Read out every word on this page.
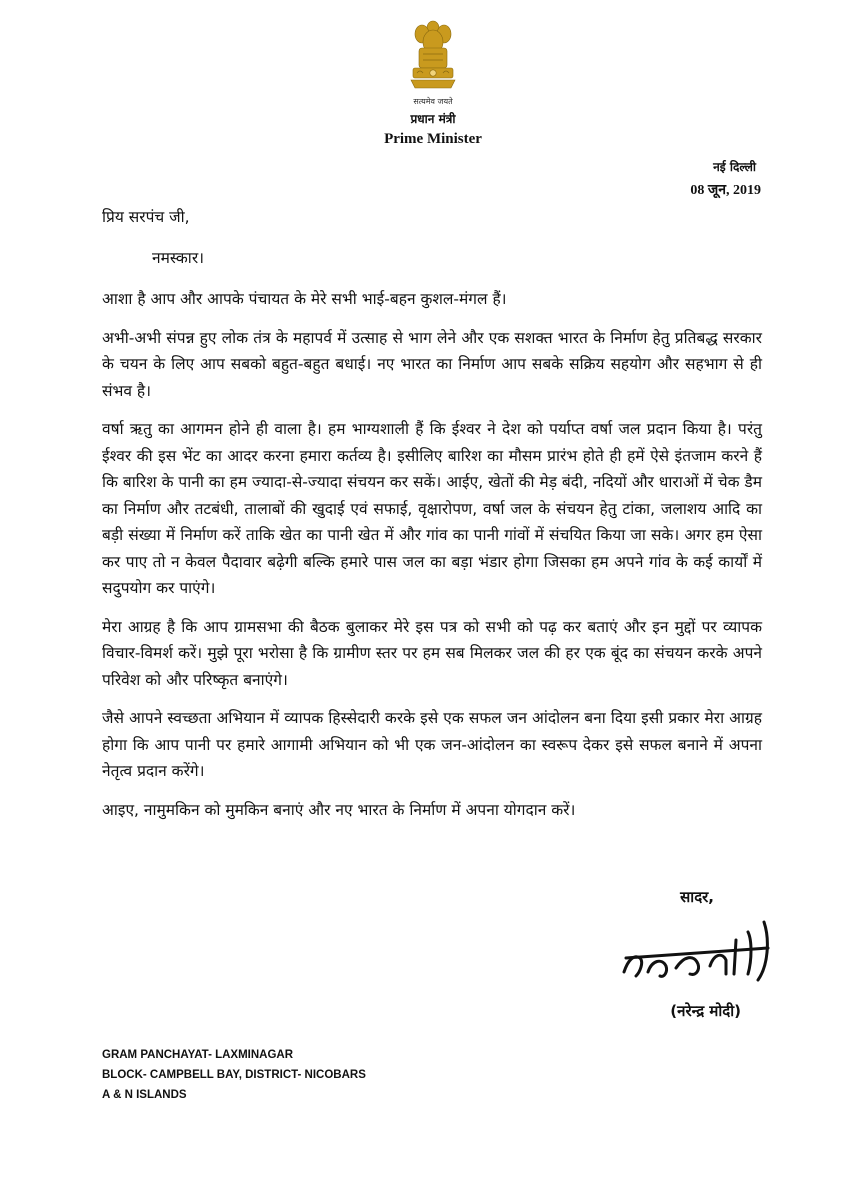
सत्यमेव जयते
प्रधान मंत्री
Prime Minister
नई दिल्ली
08 जून, 2019
प्रिय सरपंच जी,
नमस्कार।

आशा है आप और आपके पंचायत के मेरे सभी भाई-बहन कुशल-मंगल हैं।

अभी-अभी संपन्न हुए लोक तंत्र के महापर्व में उत्साह से भाग लेने और एक सशक्त भारत के निर्माण हेतु प्रतिबद्ध सरकार के चयन के लिए आप सबको बहुत-बहुत बधाई। नए भारत का निर्माण आप सबके सक्रिय सहयोग और सहभाग से ही संभव है।

वर्षा ऋतु का आगमन होने ही वाला है। हम भाग्यशाली हैं कि ईश्वर ने देश को पर्याप्त वर्षा जल प्रदान किया है। परंतु ईश्वर की इस भेंट का आदर करना हमारा कर्तव्य है। इसीलिए बारिश का मौसम प्रारंभ होते ही हमें ऐसे इंतजाम करने हैं कि बारिश के पानी का हम ज्यादा-से-ज्यादा संचयन कर सकें। आईए, खेतों की मेड़ बंदी, नदियों और धाराओं में चेक डैम का निर्माण और तटबंधी, तालाबों की खुदाई एवं सफाई, वृक्षारोपण, वर्षा जल के संचयन हेतु टांका, जलाशय आदि का बड़ी संख्या में निर्माण करें ताकि खेत का पानी खेत में और गांव का पानी गांवों में संचयित किया जा सके। अगर हम ऐसा कर पाए तो न केवल पैदावार बढ़ेगी बल्कि हमारे पास जल का बड़ा भंडार होगा जिसका हम अपने गांव के कई कार्यों में सदुपयोग कर पाएंगे।

मेरा आग्रह है कि आप ग्रामसभा की बैठक बुलाकर मेरे इस पत्र को सभी को पढ़ कर बताएं और इन मुद्दों पर व्यापक विचार-विमर्श करें। मुझे पूरा भरोसा है कि ग्रामीण स्तर पर हम सब मिलकर जल की हर एक बूंद का संचयन करके अपने परिवेश को और परिष्कृत बनाएंगे।

जैसे आपने स्वच्छता अभियान में व्यापक हिस्सेदारी करके इसे एक सफल जन आंदोलन बना दिया इसी प्रकार मेरा आग्रह होगा कि आप पानी पर हमारे आगामी अभियान को भी एक जन-आंदोलन का स्वरूप देकर इसे सफल बनाने में अपना नेतृत्व प्रदान करेंगे।

आइए, नामुमकिन को मुमकिन बनाएं और नए भारत के निर्माण में अपना योगदान करें।

सादर,
(नरेन्द्र मोदी)
GRAM PANCHAYAT- LAXMINAGAR
BLOCK- CAMPBELL BAY, DISTRICT- NICOBARS
A & N ISLANDS
